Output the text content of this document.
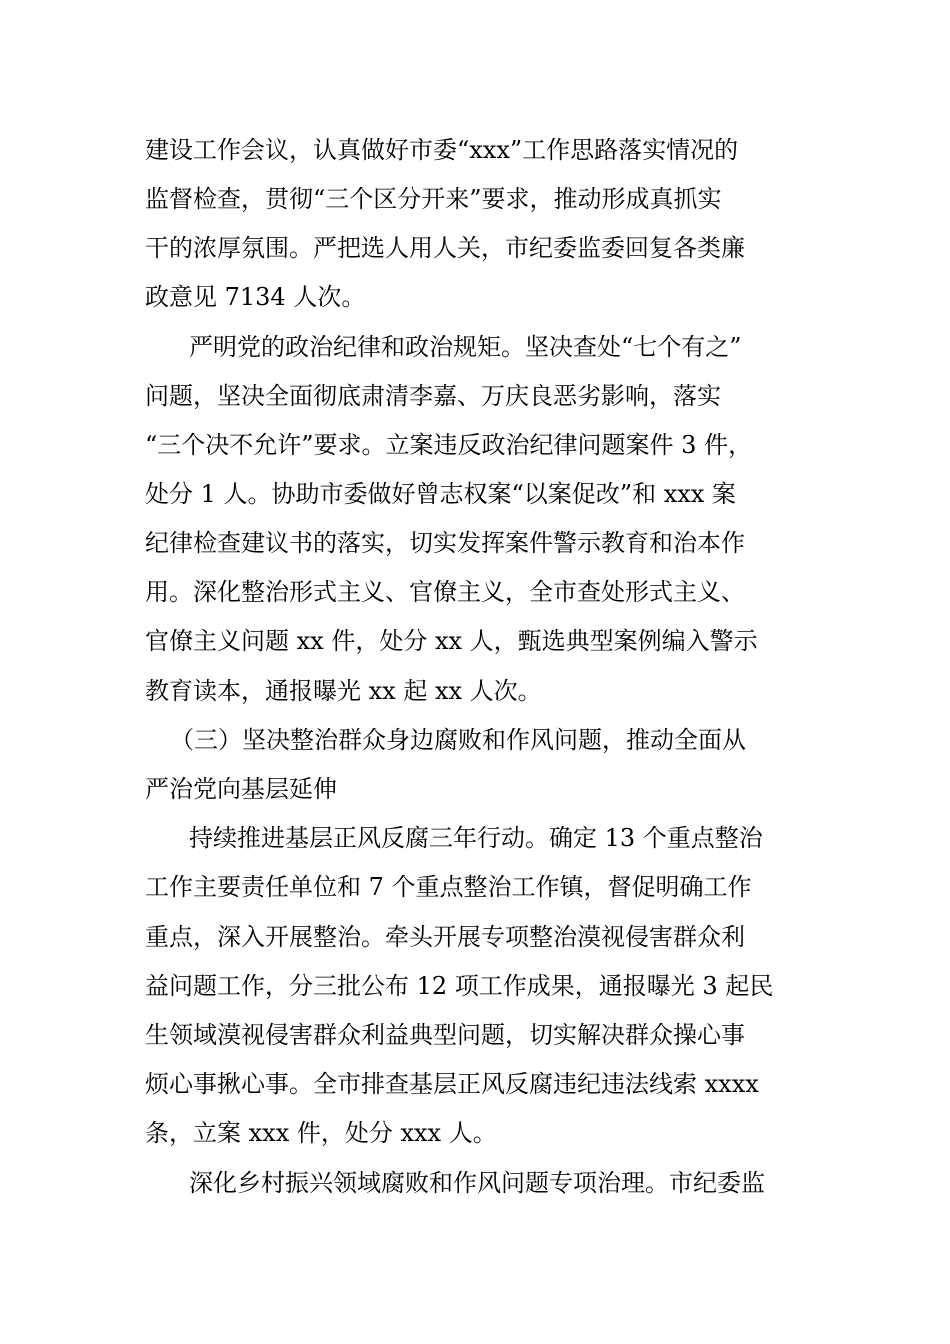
建设工作会议，认真做好市委“xxx”工作思路落实情况的
监督检查，贯彻“三个区分开来”要求，推动形成真抓实
干的浓厚氛围。严把选人用人关，市纪委监委回复各类廉
政意见 7134 人次。
严明党的政治纪律和政治规矩。坚决查处“七个有之”
问题，坚决全面彻底肃清李嘉、万庆良恶劣影响，落实
“三个决不允许”要求。立案违反政治纪律问题案件 3 件，
处分 1 人。协助市委做好曾志权案“以案促改”和 xxx 案
纪律检查建议书的落实，切实发挥案件警示教育和治本作
用。深化整治形式主义、官僚主义，全市查处形式主义、
官僚主义问题 xx 件，处分 xx 人，甄选典型案例编入警示
教育读本，通报曝光 xx 起 xx 人次。
（三）坚决整治群众身边腐败和作风问题，推动全面从
严治党向基层延伸
持续推进基层正风反腐三年行动。确定 13 个重点整治
工作主要责任单位和 7 个重点整治工作镇，督促明确工作
重点，深入开展整治。牵头开展专项整治漠视侵害群众利
益问题工作，分三批公布 12 项工作成果，通报曝光 3 起民
生领域漠视侵害群众利益典型问题，切实解决群众操心事
烦心事揪心事。全市排查基层正风反腐违纪违法线索 xxxx
条，立案 xxx 件，处分 xxx 人。
深化乡村振兴领域腐败和作风问题专项治理。市纪委监
